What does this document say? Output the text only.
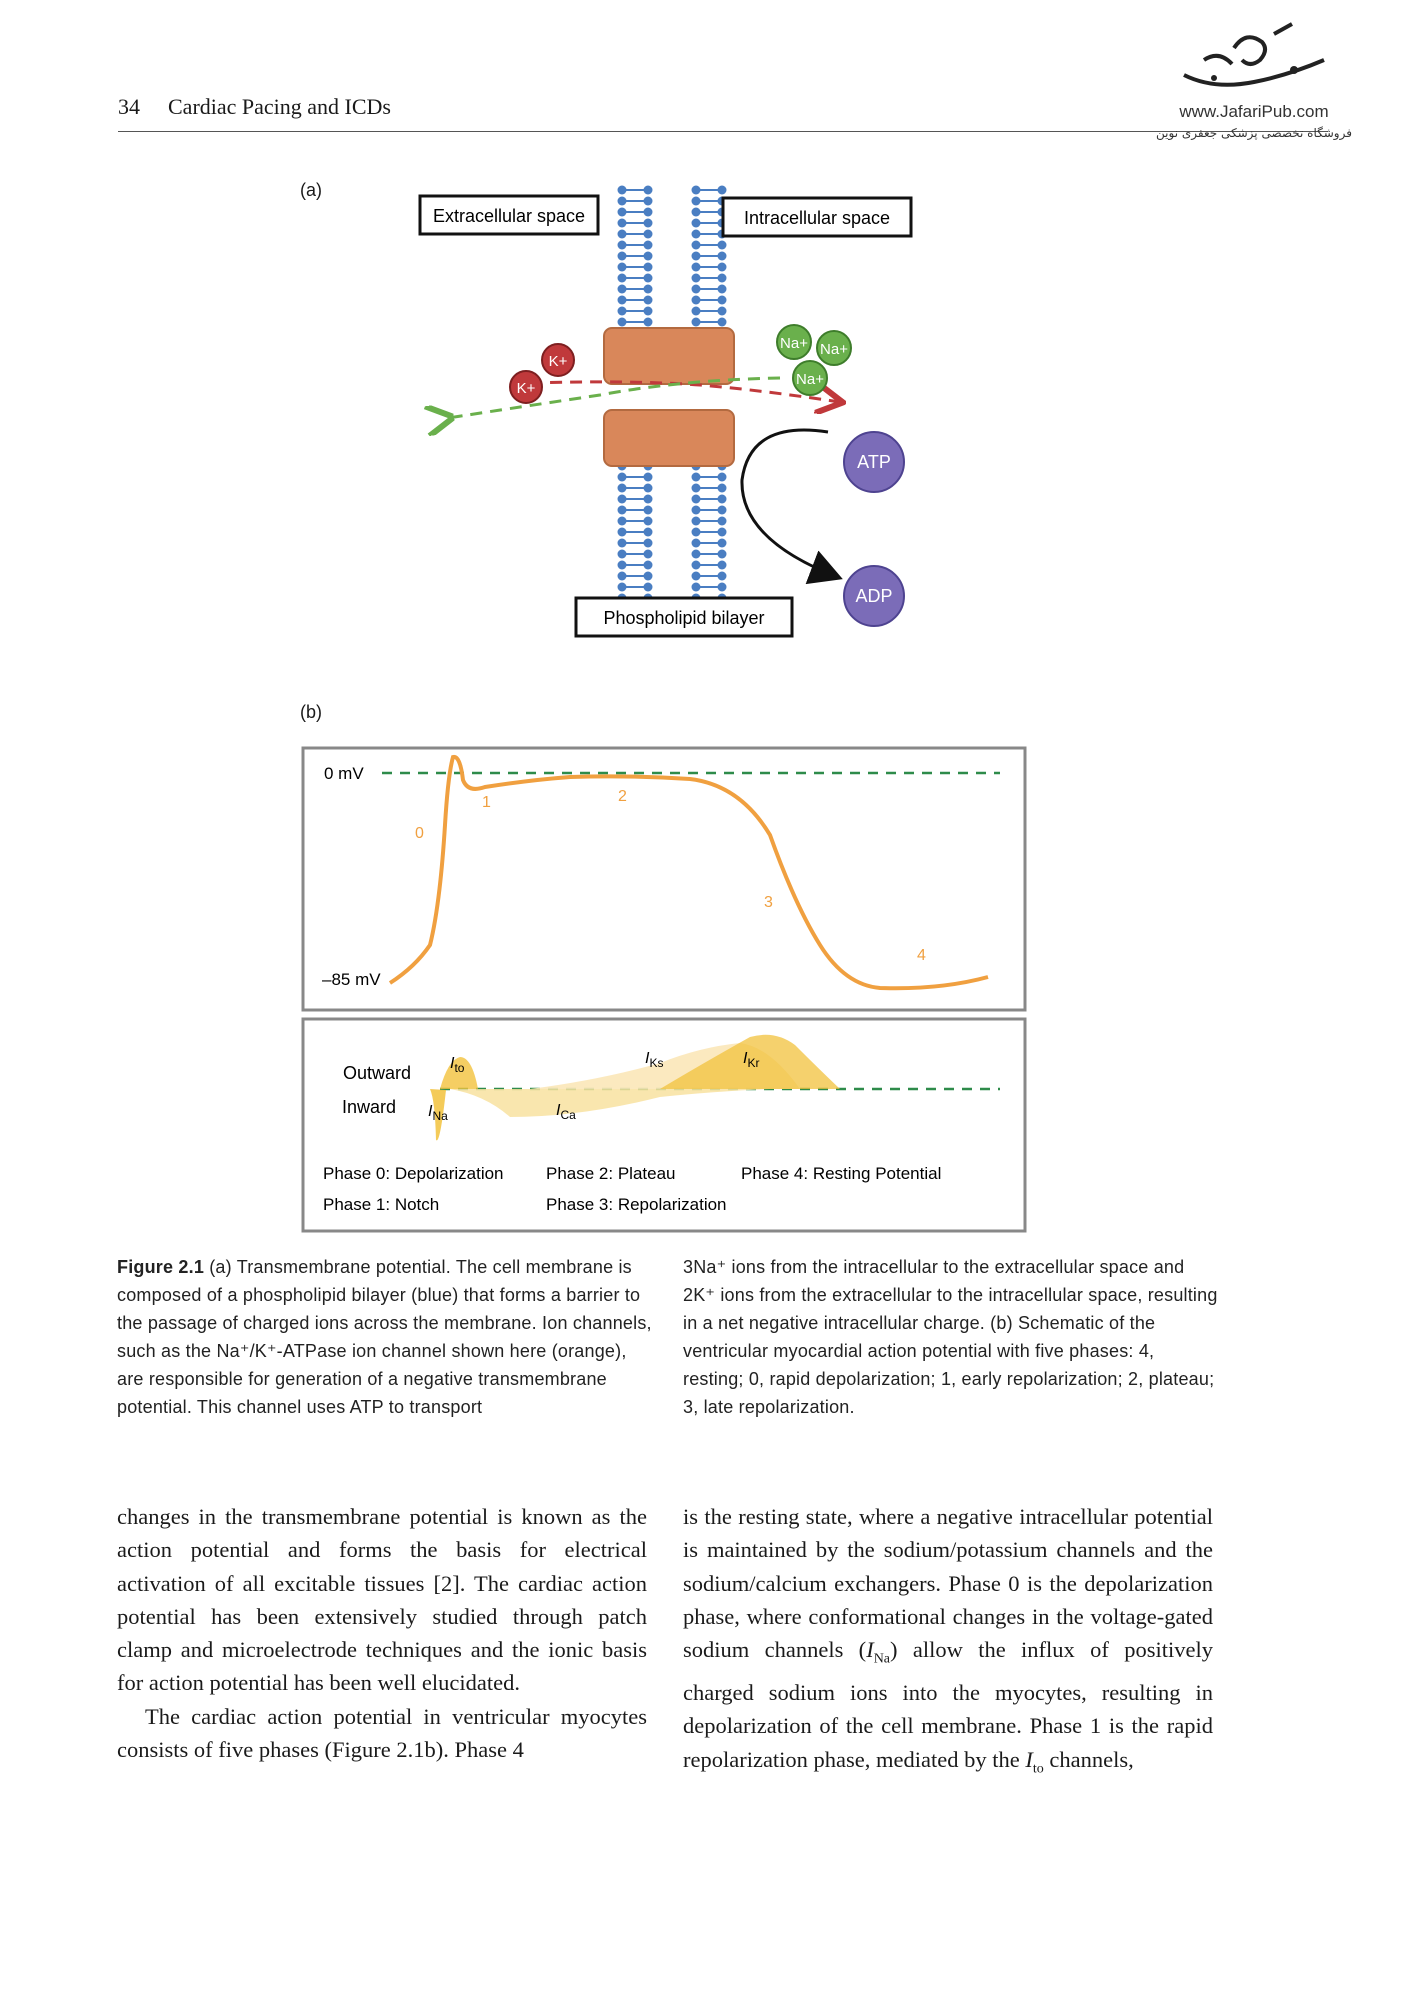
34 Cardiac Pacing and ICDs	www.JafariPub.com
فروشگاه تخصصی پزشکی جعفری نوین
(a)
Extracellular space	Intracellular space
Phospholipid bilayer
K+
K+
Na+ Na+
Na+
ATP
ADP
(b)
0 mV
–85 mV
0
1	2
3
4
Outward
Inward
$I_{to}$
$I_{Ks}$	$I_{Kr}$
$I_{Na}$	$I_{Ca}$
Phase 0: Depolarization Phase 2: Plateau	Phase 4: Resting Potential
Phase 1: Notch	Phase 3: Repolarization
Figure 2.1 (a) Transmembrane potential. The cell membrane is composed of a phospholipid bilayer (blue) that forms a barrier to the passage of charged ions across the membrane. Ion channels, such as the Na⁺/K⁺-ATPase ion channel shown here (orange), are responsible for generation of a negative transmembrane potential. This channel uses ATP to transport
3Na⁺ ions from the intracellular to the extracellular space and 2K⁺ ions from the extracellular to the intracellular space, resulting in a net negative intracellular charge. (b) Schematic of the ventricular myocardial action potential with five phases: 4, resting; 0, rapid depolarization; 1, early repolarization; 2, plateau; 3, late repolarization.

changes in the transmembrane potential is known as the action potential and forms the basis for electrical activation of all excitable tissues [2]. The cardiac action potential has been extensively studied through patch clamp and microelectrode techniques and the ionic basis for action potential has been well elucidated.

The cardiac action potential in ventricular myocytes consists of five phases (Figure 2.1b). Phase 4

is the resting state, where a negative intracellular potential is maintained by the sodium/potassium channels and the sodium/calcium exchangers. Phase 0 is the depolarization phase, where conformational changes in the voltage-gated sodium channels $(I_{Na})$ allow the influx of positively charged sodium ions into the myocytes, resulting in depolarization of the cell membrane. Phase 1 is the rapid repolarization phase, mediated by the $I_{to}$ channels,
